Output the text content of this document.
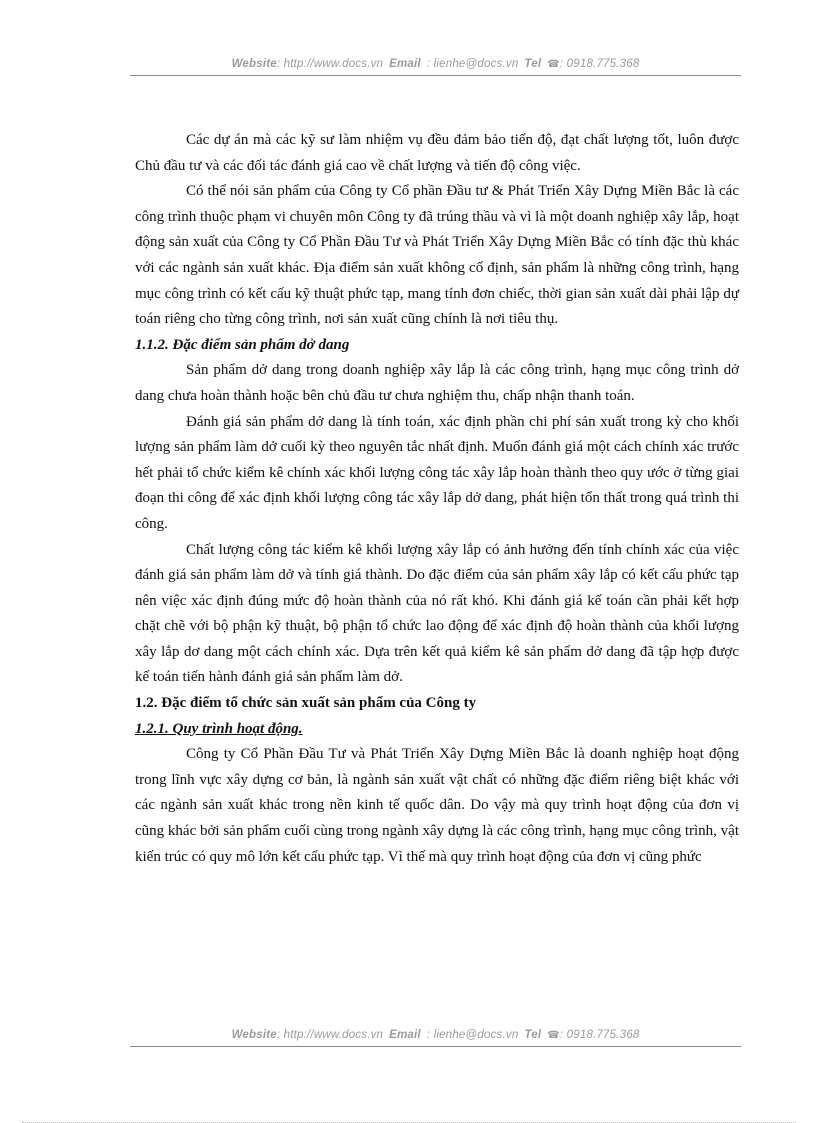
Website: http://www.docs.vn Email : lienhe@docs.vn Tel ☎: 0918.775.368

Các dự án mà các kỹ sư làm nhiệm vụ đều đảm bảo tiến độ, đạt chất lượng tốt, luôn được Chủ đầu tư và các đối tác đánh giá cao về chất lượng và tiến độ công việc.

Có thể nói sản phẩm của Công ty Cổ phần Đầu tư & Phát Triển Xây Dựng Miền Bắc là các công trình thuộc phạm vi chuyên môn Công ty đã trúng thầu và vì là một doanh nghiệp xây lắp, hoạt động sản xuất của Công ty Cổ Phần Đầu Tư và Phát Triển Xây Dựng Miền Bắc có tính đặc thù khác với các ngành sản xuất khác. Địa điểm sản xuất không cố định, sản phẩm là những công trình, hạng mục công trình có kết cấu kỹ thuật phức tạp, mang tính đơn chiếc, thời gian sản xuất dài phải lập dự toán riêng cho từng công trình, nơi sản xuất cũng chính là nơi tiêu thụ.

1.1.2. Đặc điểm sản phẩm dở dang

Sản phẩm dở dang trong doanh nghiệp xây lắp là các công trình, hạng mục công trình dở dang chưa hoàn thành hoặc bên chủ đầu tư chưa nghiệm thu, chấp nhận thanh toán.

Đánh giá sản phẩm dở dang là tính toán, xác định phần chi phí sản xuất trong kỳ cho khối lượng sản phẩm làm dở cuối kỳ theo nguyên tắc nhất định. Muốn đánh giá một cách chính xác trước hết phải tổ chức kiểm kê chính xác khối lượng công tác xây lắp hoàn thành theo quy ước ở từng giai đoạn thi công để xác định khối lượng công tác xây lắp dở dang, phát hiện tổn thất trong quá trình thi công.

Chất lượng công tác kiểm kê khối lượng xây lắp có ảnh hưởng đến tính chính xác của việc đánh giá sản phẩm làm dở và tính giá thành. Do đặc điểm của sản phẩm xây lắp có kết cấu phức tạp nên việc xác định đúng mức độ hoàn thành của nó rất khó. Khi đánh giá kế toán cần phải kết hợp chặt chẽ với bộ phận kỹ thuật, bộ phận tổ chức lao động để xác định độ hoàn thành của khối lượng xây lắp dơ dang một cách chính xác. Dựa trên kết quả kiểm kê sản phẩm dở dang đã tập hợp được kế toán tiến hành đánh giá sản phẩm làm dở.

1.2. Đặc điểm tổ chức sản xuất sản phẩm của Công ty

1.2.1. Quy trình hoạt động.

Công ty Cổ Phần Đầu Tư và Phát Triển Xây Dựng Miền Bắc là doanh nghiệp hoạt động trong lĩnh vực xây dựng cơ bản, là ngành sản xuất vật chất có những đặc điểm riêng biệt khác với các ngành sản xuất khác trong nền kinh tế quốc dân. Do vậy mà quy trình hoạt động của đơn vị cũng khác bởi sản phẩm cuối cùng trong ngành xây dựng là các công trình, hạng mục công trình, vật kiến trúc có quy mô lớn kết cấu phức tạp. Vì thế mà quy trình hoạt động của đơn vị cũng phức

Website: http://www.docs.vn Email : lienhe@docs.vn Tel ☎: 0918.775.368
